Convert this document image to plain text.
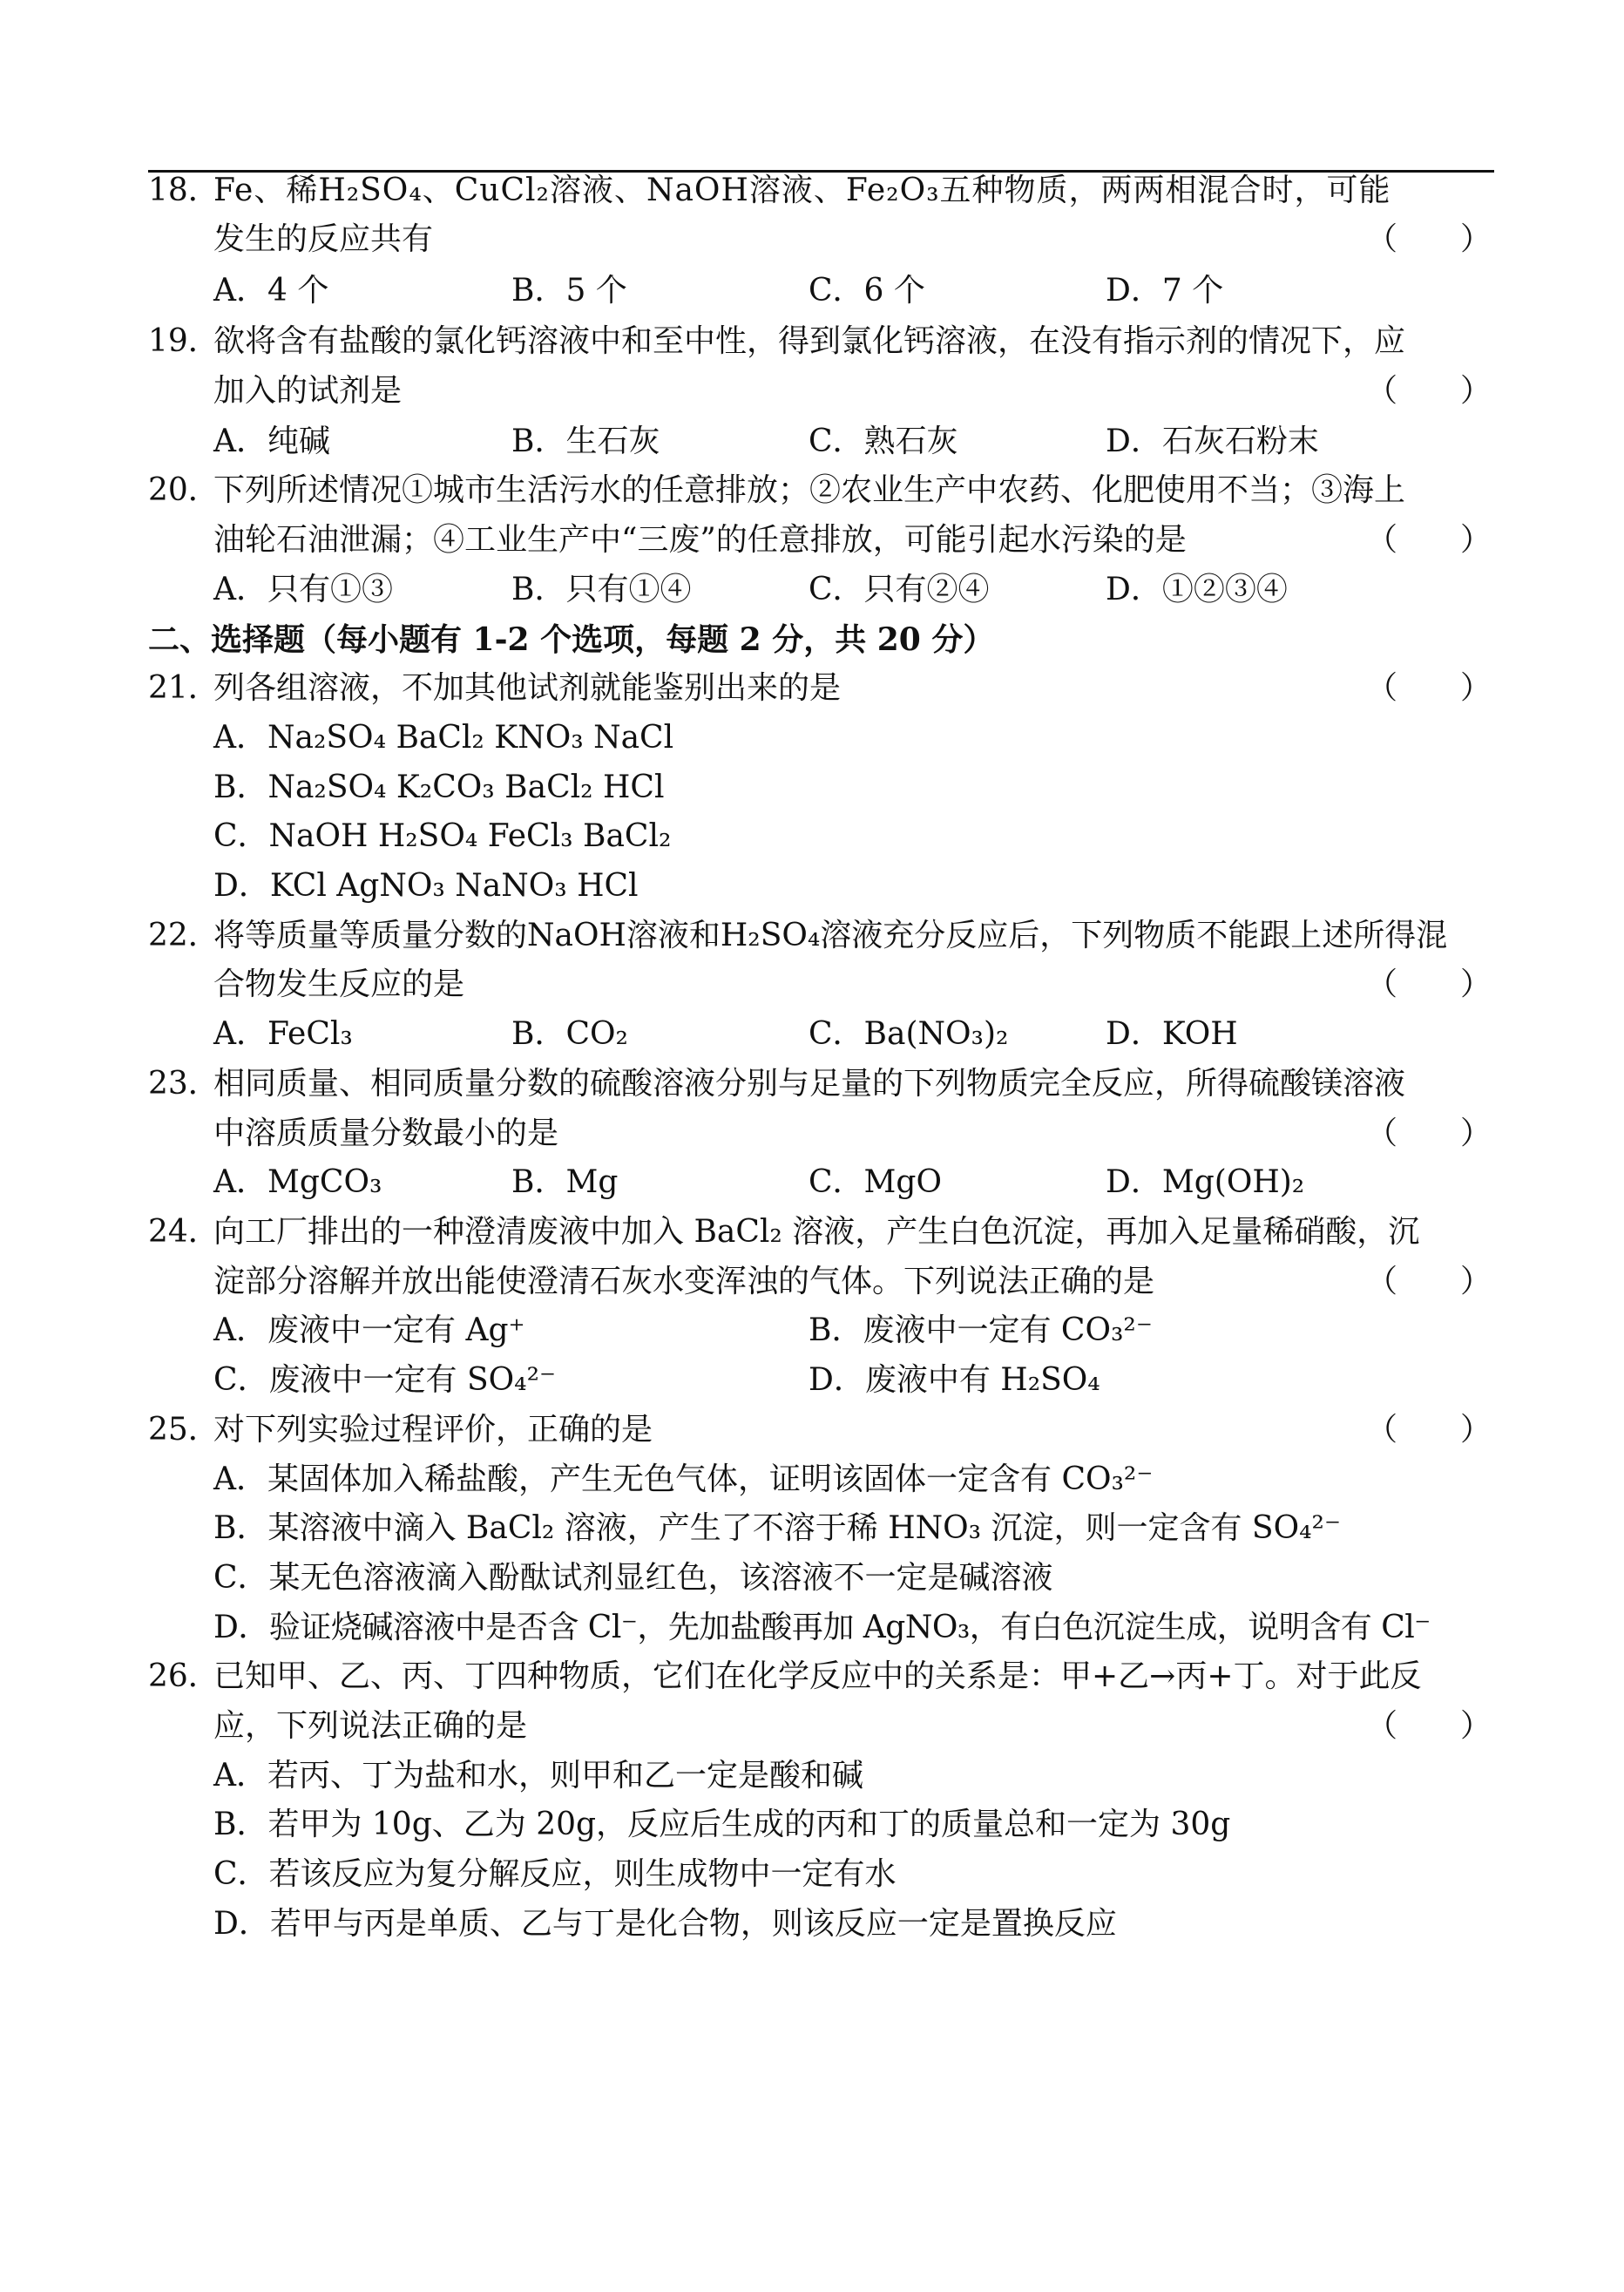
18．
Fe、稀H₂SO₄、CuCl₂溶液、NaOH溶液、Fe₂O₃五种物质，两两相混合时，可能
发生的反应共有	（　　）
A．4 个	B．5 个	C．6 个	D．7 个
19．
欲将含有盐酸的氯化钙溶液中和至中性，得到氯化钙溶液，在没有指示剂的情况下，应
加入的试剂是	（　　）
A．纯碱	B．生石灰	C．熟石灰	D．石灰石粉末
20．
下列所述情况①城市生活污水的任意排放；②农业生产中农药、化肥使用不当；③海上
油轮石油泄漏；④工业生产中“三废”的任意排放，可能引起水污染的是	（　　）
A．只有①③	B．只有①④	C．只有②④	D．①②③④
二、选择题（每小题有 1-2 个选项，每题 2 分，共 20 分）
21．
列各组溶液，不加其他试剂就能鉴别出来的是	（　　）
A．Na₂SO₄ BaCl₂ KNO₃ NaCl
B．Na₂SO₄ K₂CO₃ BaCl₂ HCl
C．NaOH H₂SO₄ FeCl₃ BaCl₂
D．KCl AgNO₃ NaNO₃ HCl
22．
将等质量等质量分数的NaOH溶液和H₂SO₄溶液充分反应后，下列物质不能跟上述所得混
合物发生反应的是	（　　）
A．FeCl₃	B．CO₂	C．Ba(NO₃)₂	D．KOH
23．
相同质量、相同质量分数的硫酸溶液分别与足量的下列物质完全反应，所得硫酸镁溶液
中溶质质量分数最小的是	（　　）
A．MgCO₃	B．Mg	C．MgO	D．Mg(OH)₂
24．
向工厂排出的一种澄清废液中加入 BaCl₂ 溶液，产生白色沉淀，再加入足量稀硝酸，沉
淀部分溶解并放出能使澄清石灰水变浑浊的气体。下列说法正确的是	（　　）
A．废液中一定有 Ag⁺	B．废液中一定有 CO₃²⁻
C．废液中一定有 SO₄²⁻	D．废液中有 H₂SO₄
25．
对下列实验过程评价，正确的是	（　　）
A．某固体加入稀盐酸，产生无色气体，证明该固体一定含有 CO₃²⁻
B．某溶液中滴入 BaCl₂ 溶液，产生了不溶于稀 HNO₃ 沉淀，则一定含有 SO₄²⁻
C．某无色溶液滴入酚酞试剂显红色，该溶液不一定是碱溶液
D．验证烧碱溶液中是否含 Cl⁻，先加盐酸再加 AgNO₃，有白色沉淀生成，说明含有 Cl⁻
26．
已知甲、乙、丙、丁四种物质，它们在化学反应中的关系是：甲+乙→丙+丁。对于此反
应，下列说法正确的是	（　　）
A．若丙、丁为盐和水，则甲和乙一定是酸和碱
B．若甲为 10g、乙为 20g，反应后生成的丙和丁的质量总和一定为 30g
C．若该反应为复分解反应，则生成物中一定有水
D．若甲与丙是单质、乙与丁是化合物，则该反应一定是置换反应
